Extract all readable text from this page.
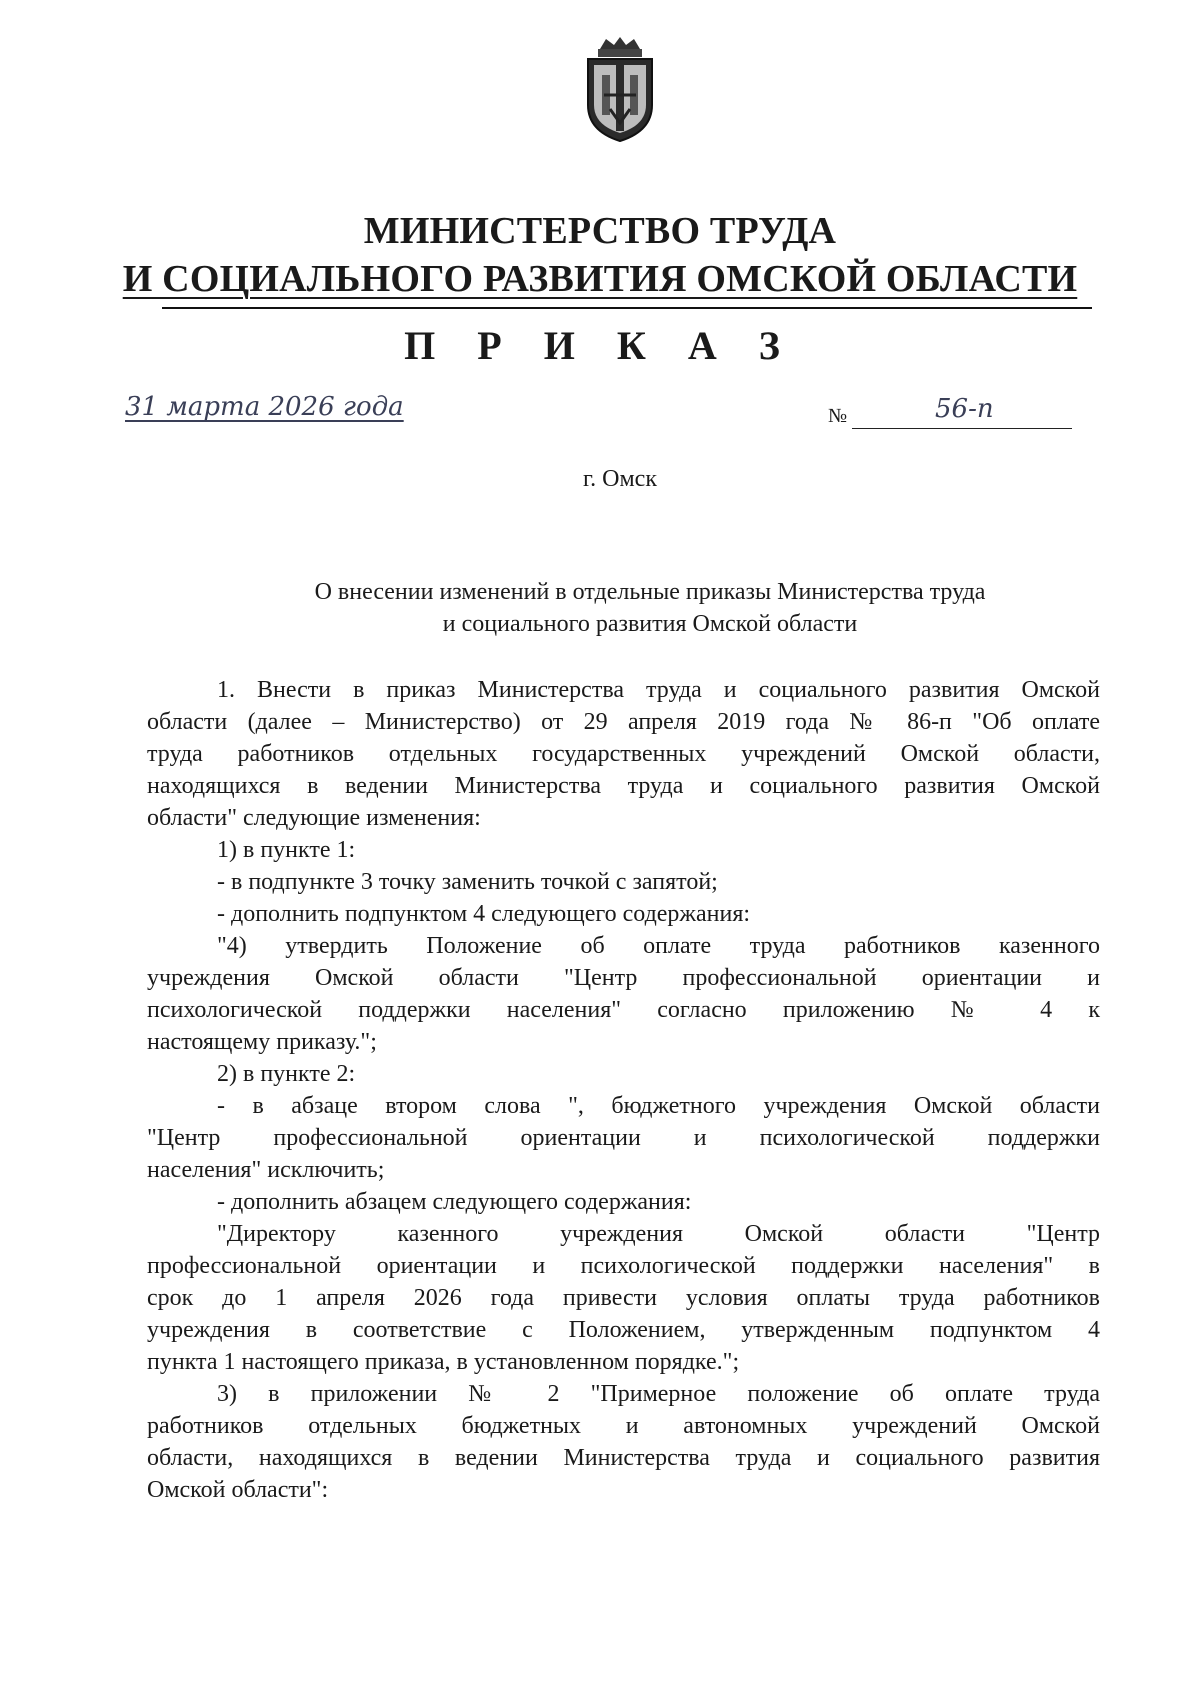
МИНИСТЕРСТВО ТРУДА
И СОЦИАЛЬНОГО РАЗВИТИЯ ОМСКОЙ ОБЛАСТИ
П Р И К А З
31 марта 2026 года	№	56-п
г. Омск
О внесении изменений в отдельные приказы Министерства труда
и социального развития Омской области
1. Внести в приказ Министерства труда и социального развития Омской
области (далее – Министерство) от 29 апреля 2019 года № 86-п "Об оплате
труда работников отдельных государственных учреждений Омской области,
находящихся в ведении Министерства труда и социального развития Омской
области" следующие изменения:
1) в пункте 1:
- в подпункте 3 точку заменить точкой с запятой;
- дополнить подпунктом 4 следующего содержания:
"4) утвердить Положение об оплате труда работников казенного
учреждения Омской области "Центр профессиональной ориентации и
психологической поддержки населения" согласно приложению № 4 к
настоящему приказу.";
2) в пункте 2:
- в абзаце втором слова ", бюджетного учреждения Омской области
"Центр профессиональной ориентации и психологической поддержки
населения" исключить;
- дополнить абзацем следующего содержания:
"Директору казенного учреждения Омской области "Центр
профессиональной ориентации и психологической поддержки населения" в
срок до 1 апреля 2026 года привести условия оплаты труда работников
учреждения в соответствие с Положением, утвержденным подпунктом 4
пункта 1 настоящего приказа, в установленном порядке.";
3) в приложении № 2 "Примерное положение об оплате труда
работников отдельных бюджетных и автономных учреждений Омской
области, находящихся в ведении Министерства труда и социального развития
Омской области":
